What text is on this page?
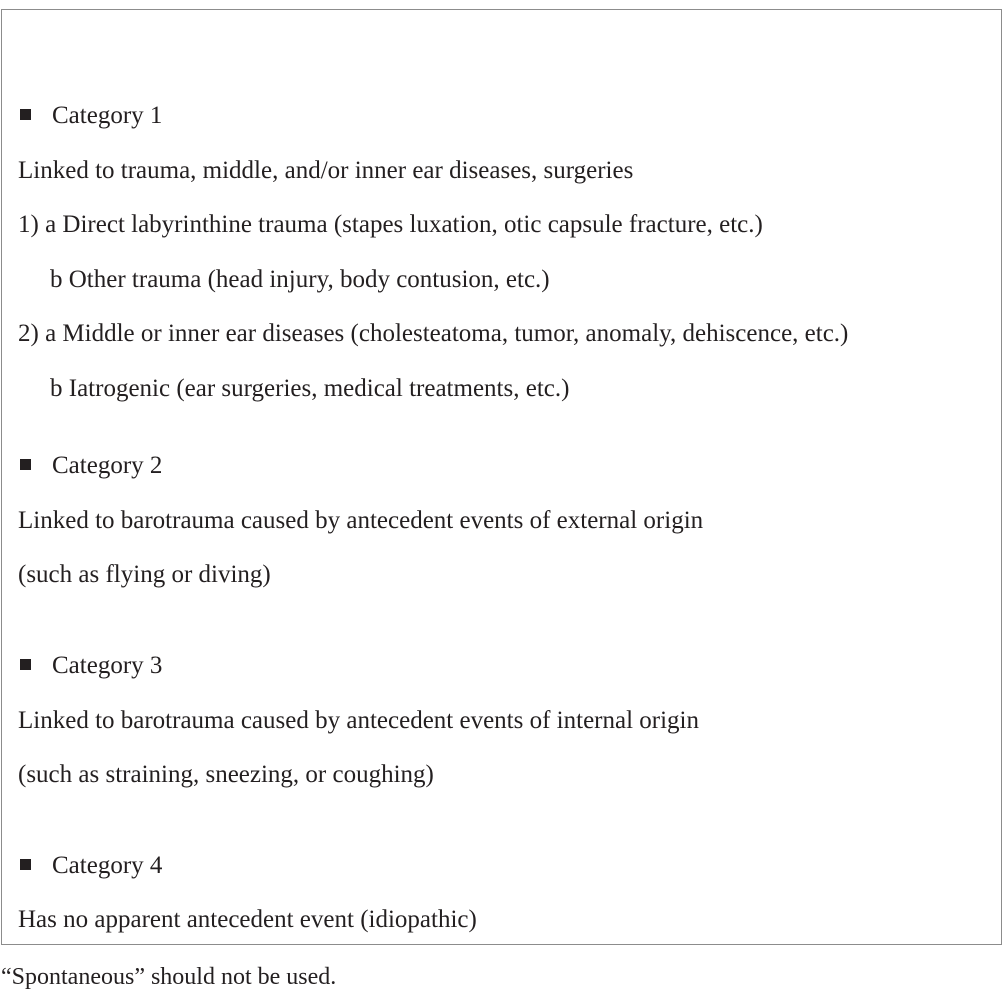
Category 1
Linked to trauma, middle, and/or inner ear diseases, surgeries
1) a Direct labyrinthine trauma (stapes luxation, otic capsule fracture, etc.)
b Other trauma (head injury, body contusion, etc.)
2) a Middle or inner ear diseases (cholesteatoma, tumor, anomaly, dehiscence, etc.)
b Iatrogenic (ear surgeries, medical treatments, etc.)
Category 2
Linked to barotrauma caused by antecedent events of external origin
(such as flying or diving)
Category 3
Linked to barotrauma caused by antecedent events of internal origin
(such as straining, sneezing, or coughing)
Category 4
Has no apparent antecedent event (idiopathic)
“Spontaneous” should not be used.
